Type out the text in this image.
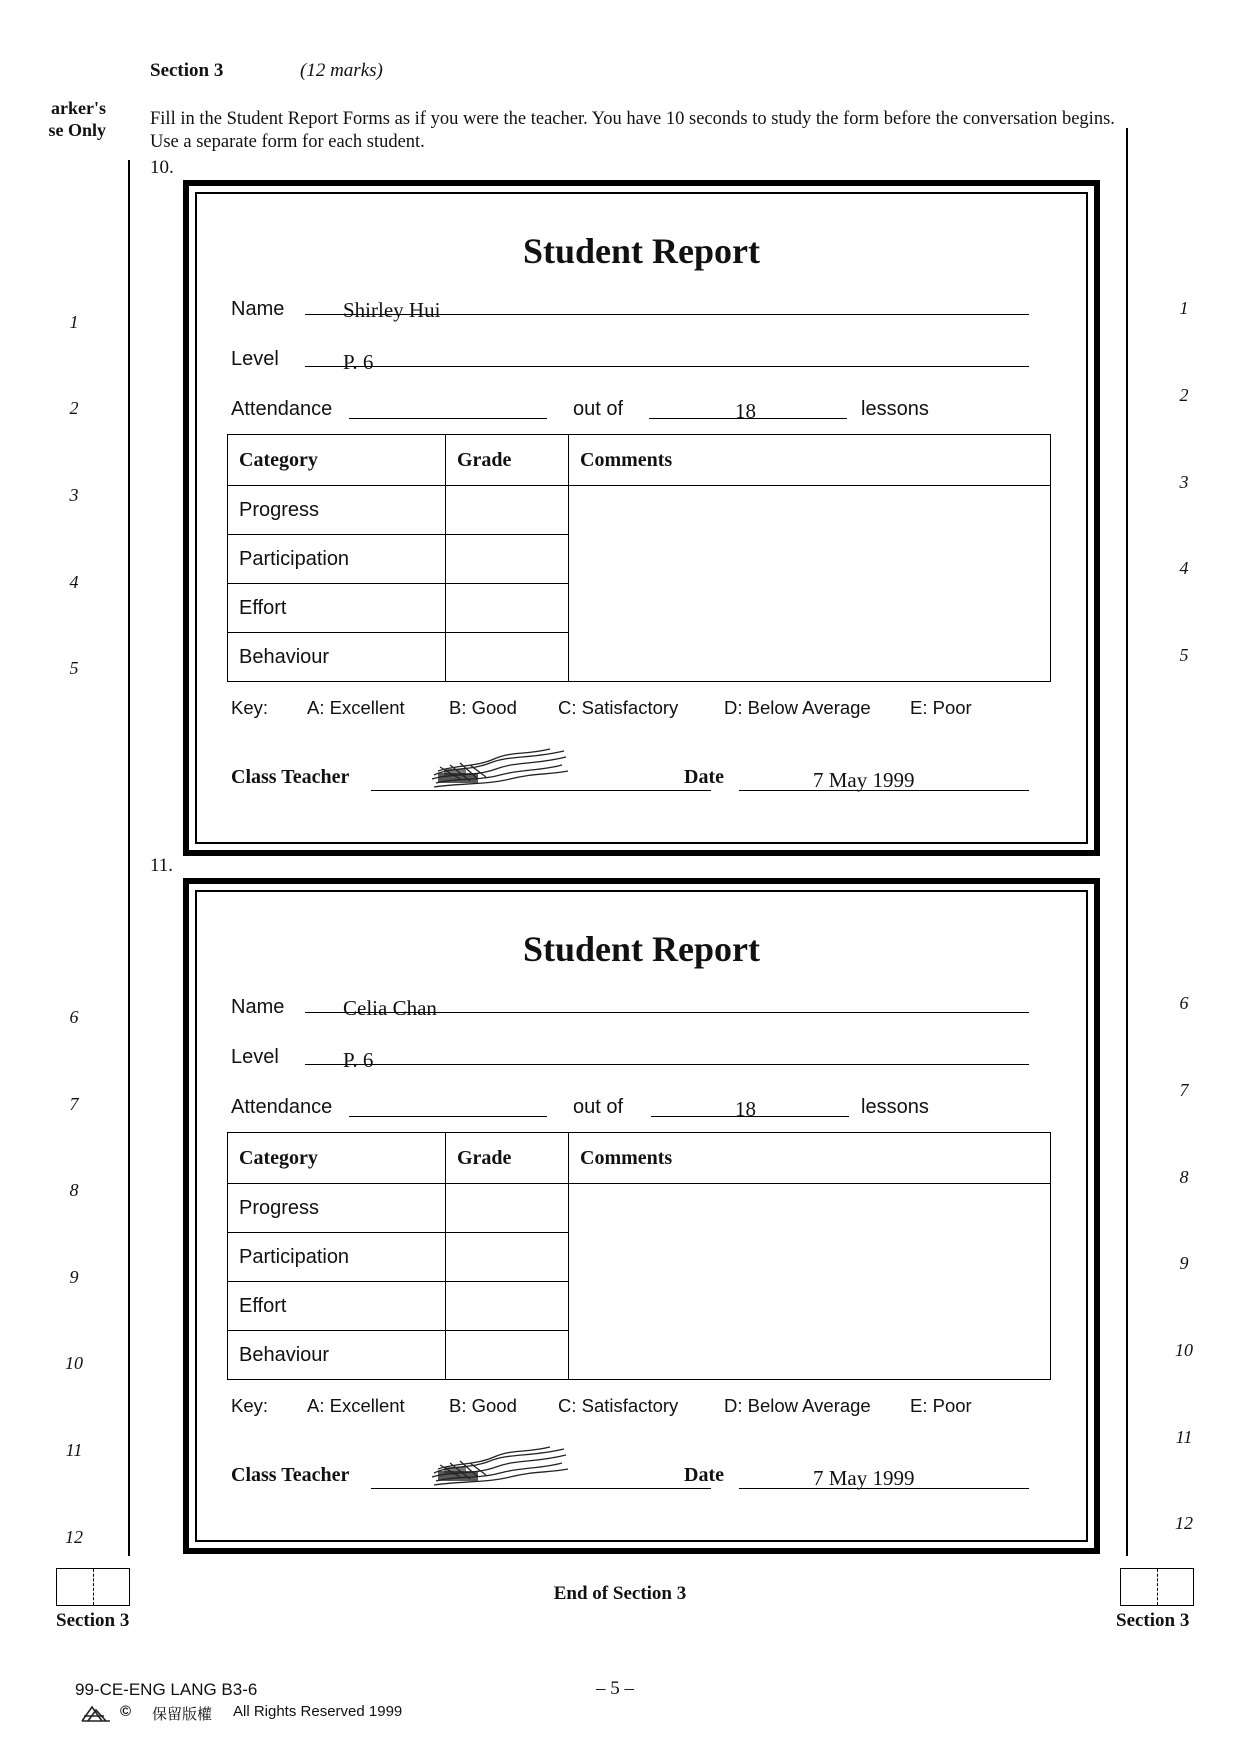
Section 3	(12 marks)
arker's
se Only
Fill in the Student Report Forms as if you were the teacher. You have 10 seconds to study the form before the conversation begins. Use a separate form for each student.
1
2
3
4
5
6
7
8
9
10
11
12
1
2
3
4
5
6
7
8
9
10
11
12
10.
Student Report
Name	Shirley Hui
Level	P. 6
Attendance	out of	18	lessons
Category	Grade	Comments
Progress		
Participation		
Effort		
Behaviour		
Key: A: Excellent B: Good C: Satisfactory D: Below Average E: Poor
Class Teacher	Date	7 May 1999
11.
Student Report
Name	Celia Chan
Level	P. 6
Attendance	out of	18	lessons
Category	Grade	Comments
Progress		
Participation		
Effort		
Behaviour		
Key: A: Excellent B: Good C: Satisfactory D: Below Average E: Poor
Class Teacher	Date	7 May 1999
Section 3	Section 3
End of Section 3
99-CE-ENG LANG B3-6	– 5 –
© 保留版權 All Rights Reserved 1999
